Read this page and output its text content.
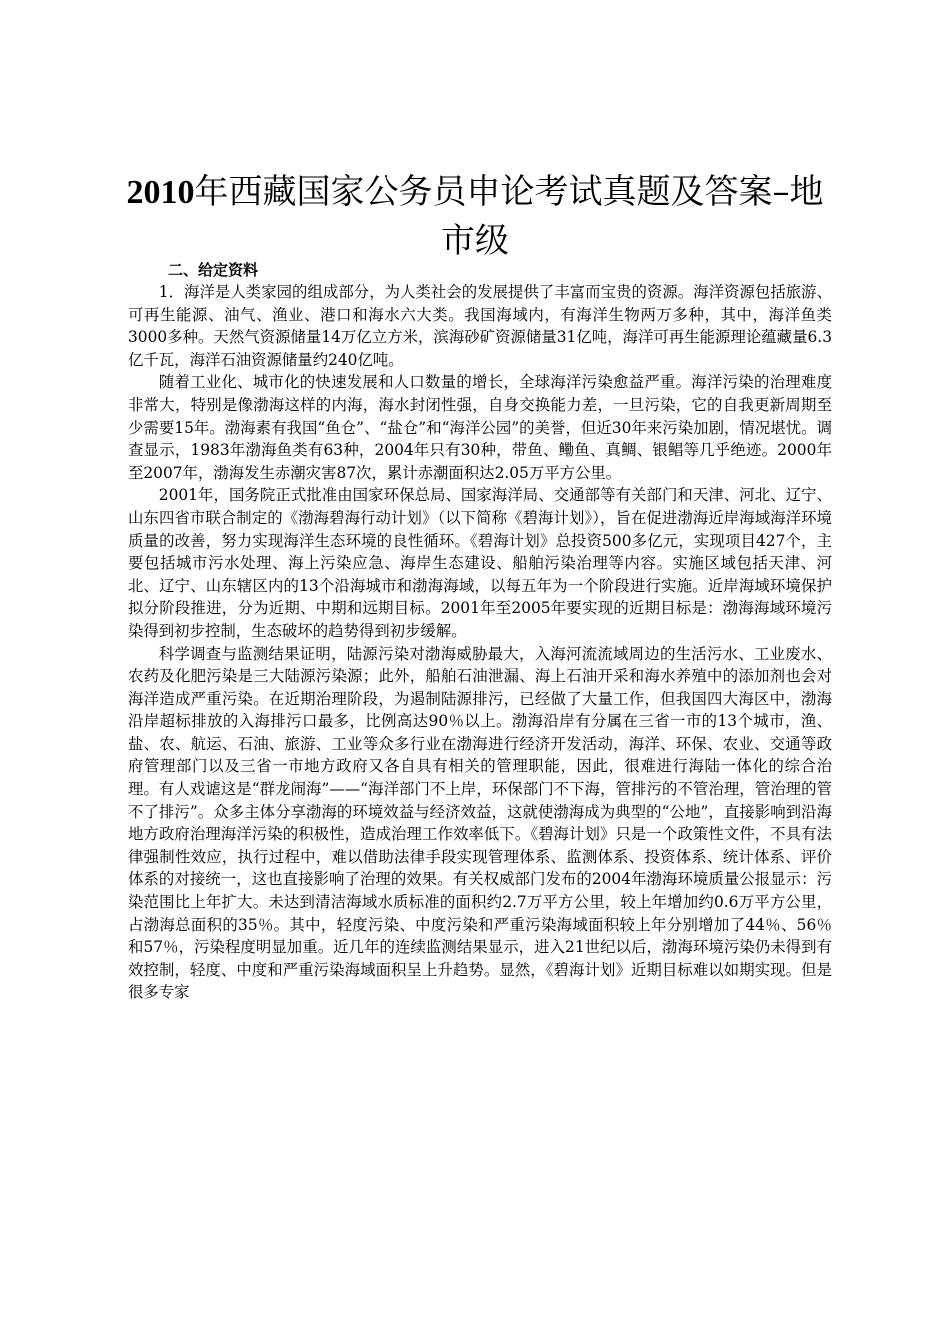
2010年西藏国家公务员申论考试真题及答案–地市级
二、给定资料

1．海洋是人类家园的组成部分，为人类社会的发展提供了丰富而宝贵的资源。海洋资源包括旅游、可再生能源、油气、渔业、港口和海水六大类。我国海域内，有海洋生物两万多种，其中，海洋鱼类3000多种。天然气资源储量14万亿立方米，滨海砂矿资源储量31亿吨，海洋可再生能源理论蕴藏量6.3亿千瓦，海洋石油资源储量约240亿吨。

随着工业化、城市化的快速发展和人口数量的增长，全球海洋污染愈益严重。海洋污染的治理难度非常大，特别是像渤海这样的内海，海水封闭性强，自身交换能力差，一旦污染，它的自我更新周期至少需要15年。渤海素有我国“鱼仓”、“盐仓”和“海洋公园”的美誉，但近30年来污染加剧，情况堪忧。调查显示，1983年渤海鱼类有63种，2004年只有30种，带鱼、鳓鱼、真鲷、银鲳等几乎绝迹。2000年至2007年，渤海发生赤潮灾害87次，累计赤潮面积达2.05万平方公里。

2001年，国务院正式批准由国家环保总局、国家海洋局、交通部等有关部门和天津、河北、辽宁、山东四省市联合制定的《渤海碧海行动计划》（以下简称《碧海计划》），旨在促进渤海近岸海域海洋环境质量的改善，努力实现海洋生态环境的良性循环。《碧海计划》总投资500多亿元，实现项目427个，主要包括城市污水处理、海上污染应急、海岸生态建设、船舶污染治理等内容。实施区域包括天津、河北、辽宁、山东辖区内的13个沿海城市和渤海海域，以每五年为一个阶段进行实施。近岸海域环境保护拟分阶段推进，分为近期、中期和远期目标。2001年至2005年要实现的近期目标是：渤海海域环境污染得到初步控制，生态破坏的趋势得到初步缓解。

科学调查与监测结果证明，陆源污染对渤海威胁最大，入海河流流域周边的生活污水、工业废水、农药及化肥污染是三大陆源污染源；此外，船舶石油泄漏、海上石油开采和海水养殖中的添加剂也会对海洋造成严重污染。在近期治理阶段，为遏制陆源排污，已经做了大量工作，但我国四大海区中，渤海沿岸超标排放的入海排污口最多，比例高达90％以上。渤海沿岸有分属在三省一市的13个城市，渔、盐、农、航运、石油、旅游、工业等众多行业在渤海进行经济开发活动，海洋、环保、农业、交通等政府管理部门以及三省一市地方政府又各自具有相关的管理职能，因此，很难进行海陆一体化的综合治理。有人戏谑这是“群龙闹海”——“海洋部门不上岸，环保部门不下海，管排污的不管治理，管治理的管不了排污”。众多主体分享渤海的环境效益与经济效益，这就使渤海成为典型的“公地”，直接影响到沿海地方政府治理海洋污染的积极性，造成治理工作效率低下。《碧海计划》只是一个政策性文件，不具有法律强制性效应，执行过程中，难以借助法律手段实现管理体系、监测体系、投资体系、统计体系、评价体系的对接统一，这也直接影响了治理的效果。有关权威部门发布的2004年渤海环境质量公报显示：污染范围比上年扩大。未达到清洁海域水质标准的面积约2.7万平方公里，较上年增加约0.6万平方公里，占渤海总面积的35％。其中，轻度污染、中度污染和严重污染海域面积较上年分别增加了44％、56％和57％，污染程度明显加重。近几年的连续监测结果显示，进入21世纪以后，渤海环境污染仍未得到有效控制，轻度、中度和严重污染海域面积呈上升趋势。显然，《碧海计划》近期目标难以如期实现。但是很多专家
